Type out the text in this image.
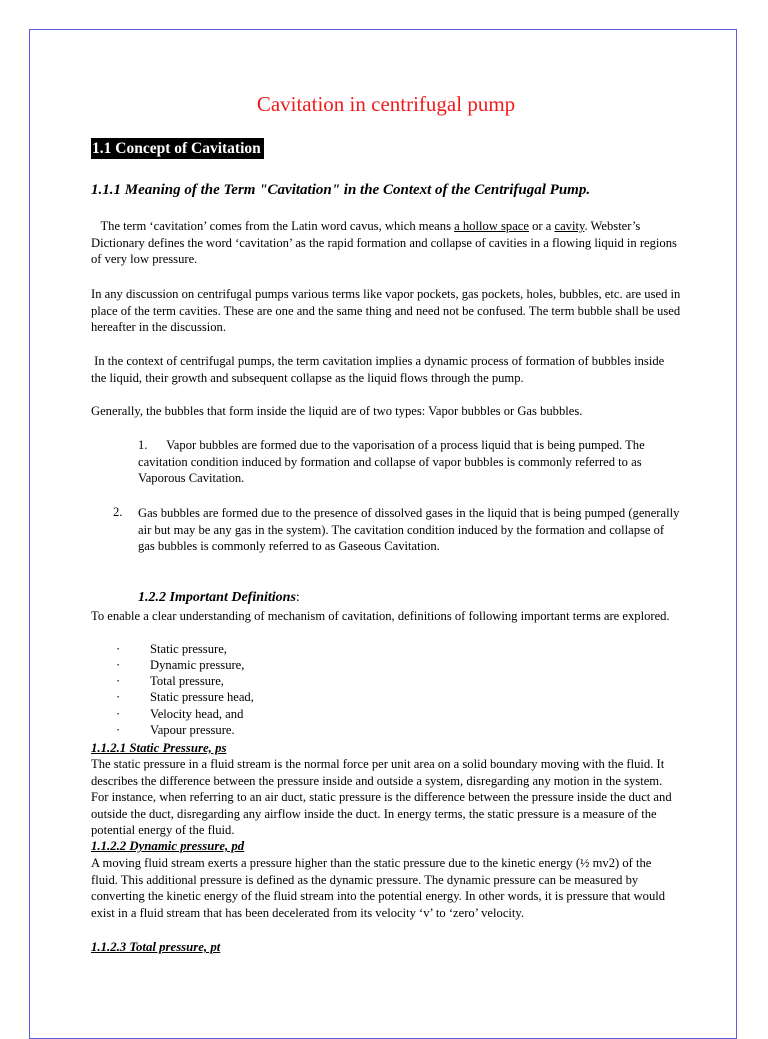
Cavitation in centrifugal pump
1.1 Concept of Cavitation
1.1.1 Meaning of the Term "Cavitation" in the Context of the Centrifugal Pump.
The term ‘cavitation’ comes from the Latin word cavus, which means a hollow space or a cavity. Webster’s Dictionary defines the word ‘cavitation’ as the rapid formation and collapse of cavities in a flowing liquid in regions of very low pressure.
In any discussion on centrifugal pumps various terms like vapor pockets, gas pockets, holes, bubbles, etc. are used in place of the term cavities. These are one and the same thing and need not be confused. The term bubble shall be used hereafter in the discussion.
In the context of centrifugal pumps, the term cavitation implies a dynamic process of formation of bubbles inside the liquid, their growth and subsequent collapse as the liquid flows through the pump.
Generally, the bubbles that form inside the liquid are of two types: Vapor bubbles or Gas bubbles.
1.      Vapor bubbles are formed due to the vaporisation of a process liquid that is being pumped. The cavitation condition induced by formation and collapse of vapor bubbles is commonly referred to as Vaporous Cavitation.
2. Gas bubbles are formed due to the presence of dissolved gases in the liquid that is being pumped (generally air but may be any gas in the system). The cavitation condition induced by the formation and collapse of gas bubbles is commonly referred to as Gaseous Cavitation.
1.2.2 Important Definitions:
To enable a clear understanding of mechanism of cavitation, definitions of following important terms are explored.
· Static pressure,
· Dynamic pressure,
· Total pressure,
· Static pressure head,
· Velocity head, and
· Vapour pressure.
1.1.2.1 Static Pressure, ps
The static pressure in a fluid stream is the normal force per unit area on a solid boundary moving with the fluid. It describes the difference between the pressure inside and outside a system, disregarding any motion in the system. For instance, when referring to an air duct, static pressure is the difference between the pressure inside the duct and outside the duct, disregarding any airflow inside the duct. In energy terms, the static pressure is a measure of the potential energy of the fluid.
1.1.2.2 Dynamic pressure, pd
A moving fluid stream exerts a pressure higher than the static pressure due to the kinetic energy (½ mv2) of the fluid. This additional pressure is defined as the dynamic pressure. The dynamic pressure can be measured by converting the kinetic energy of the fluid stream into the potential energy. In other words, it is pressure that would exist in a fluid stream that has been decelerated from its velocity ‘v’ to ‘zero’ velocity.
1.1.2.3 Total pressure, pt
